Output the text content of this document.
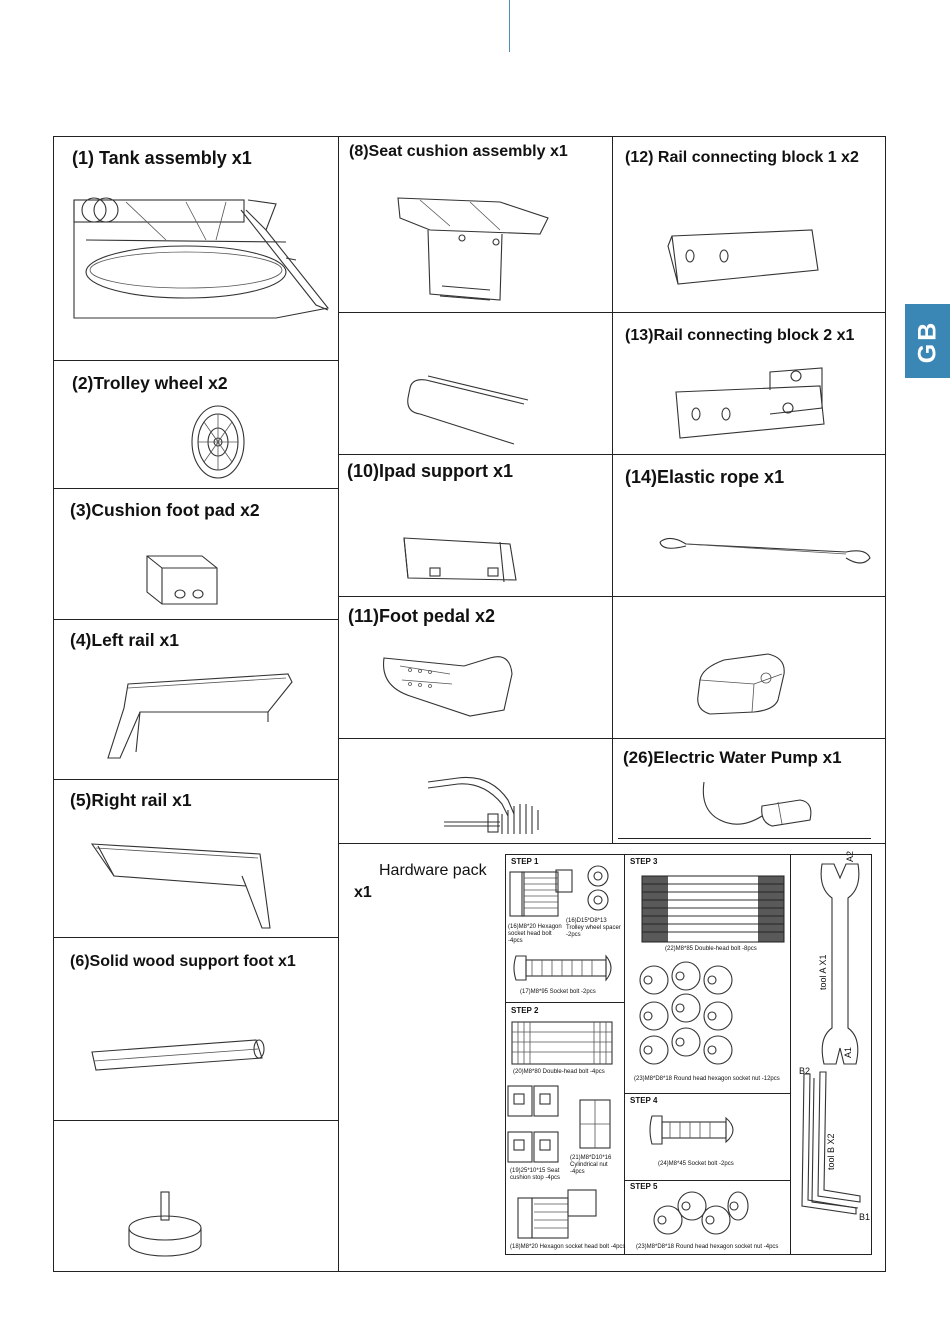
GB
(1) Tank assembly x1
(2)Trolley wheel x2
(3)Cushion foot pad x2
(4)Left rail x1
(5)Right rail x1
(6)Solid wood support foot x1
(8)Seat cushion assembly x1
(10)Ipad support x1
(11)Foot pedal x2
(12) Rail connecting block 1 x2
(13)Rail connecting block 2 x1
(14)Elastic rope x1
(26)Electric Water Pump x1
Hardware pack
x1
STEP 1
STEP 2
STEP 3
STEP 4
STEP 5
(16)M8*20 Hexagon socket head bolt -4pcs
(16)D15*D8*13 Trolley wheel spacer -2pcs
(17)M8*95 Socket bolt -2pcs
(20)M8*80 Double-head bolt -4pcs
(19)25*10*15 Seat cushion stop -4pcs
(21)M8*D10*16 Cylindrical nut -4pcs
(18)M8*20 Hexagon socket head bolt -4pcs
(22)M8*85 Double-head bolt -8pcs
(23)M8*D8*18 Round head hexagon socket nut -12pcs
(24)M8*45 Socket bolt -2pcs
(23)M8*D8*18 Round head hexagon socket nut -4pcs
A2
tool A X1
A1
B2
tool B X2
B1
